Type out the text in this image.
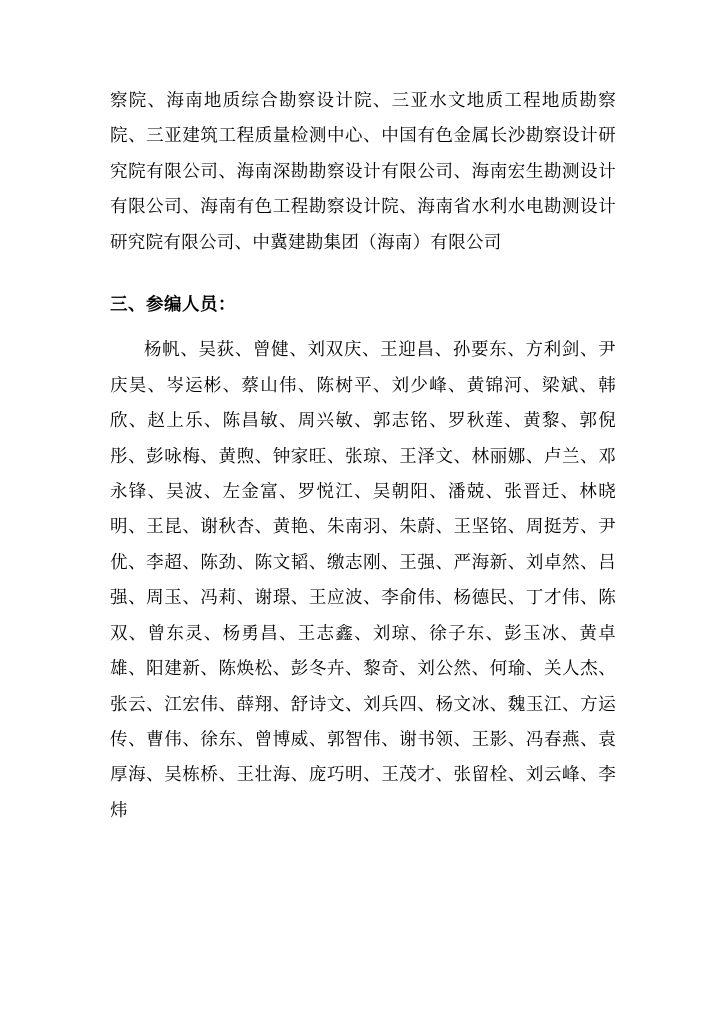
察院、海南地质综合勘察设计院、三亚水文地质工程地质勘察院、三亚建筑工程质量检测中心、中国有色金属长沙勘察设计研究院有限公司、海南深勘勘察设计有限公司、海南宏生勘测设计有限公司、海南有色工程勘察设计院、海南省水利水电勘测设计研究院有限公司、中冀建勘集团（海南）有限公司

三、参编人员：

杨帆、吴荻、曾健、刘双庆、王迎昌、孙要东、方利剑、尹庆昊、岑运彬、蔡山伟、陈树平、刘少峰、黄锦河、梁斌、韩欣、赵上乐、陈昌敏、周兴敏、郭志铭、罗秋莲、黄黎、郭倪彤、彭咏梅、黄煦、钟家旺、张琼、王泽文、林丽娜、卢兰、邓永锋、吴波、左金富、罗悦江、吴朝阳、潘兢、张晋迁、林晓明、王昆、谢秋杏、黄艳、朱南羽、朱蔚、王坚铭、周挺芳、尹优、李超、陈劲、陈文韬、缴志刚、王强、严海新、刘卓然、吕强、周玉、冯莉、谢璟、王应波、李俞伟、杨德民、丁才伟、陈双、曾东灵、杨勇昌、王志鑫、刘琼、徐子东、彭玉冰、黄卓雄、阳建新、陈焕松、彭冬卉、黎奇、刘公然、何瑜、关人杰、张云、江宏伟、薛翔、舒诗文、刘兵四、杨文冰、魏玉江、方运传、曹伟、徐东、曾博威、郭智伟、谢书领、王影、冯春燕、袁厚海、吴栋桥、王壮海、庞巧明、王茂才、张留栓、刘云峰、李炜
